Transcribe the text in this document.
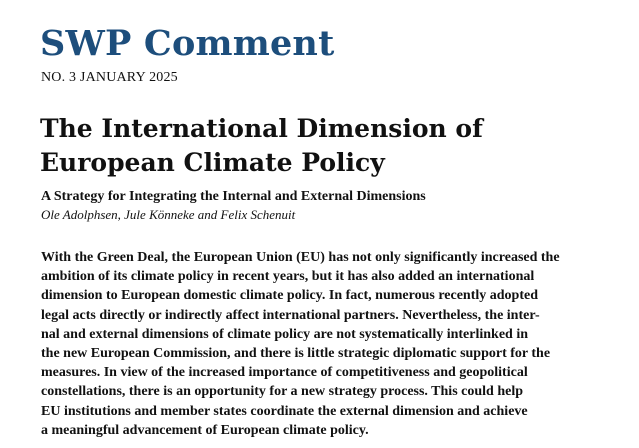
SWP Comment
NO. 3 JANUARY 2025
The International Dimension of
European Climate Policy
A Strategy for Integrating the Internal and External Dimensions
Ole Adolphsen, Jule Könneke and Felix Schenuit
With the Green Deal, the European Union (EU) has not only significantly increased the
ambition of its climate policy in recent years, but it has also added an international
dimension to European domestic climate policy. In fact, numerous recently adopted
legal acts directly or indirectly affect international partners. Nevertheless, the inter-
nal and external dimensions of climate policy are not systematically interlinked in
the new European Commission, and there is little strategic diplomatic support for the
measures. In view of the increased importance of competitiveness and geopolitical
constellations, there is an opportunity for a new strategy process. This could help
EU institutions and member states coordinate the external dimension and achieve
a meaningful advancement of European climate policy.
